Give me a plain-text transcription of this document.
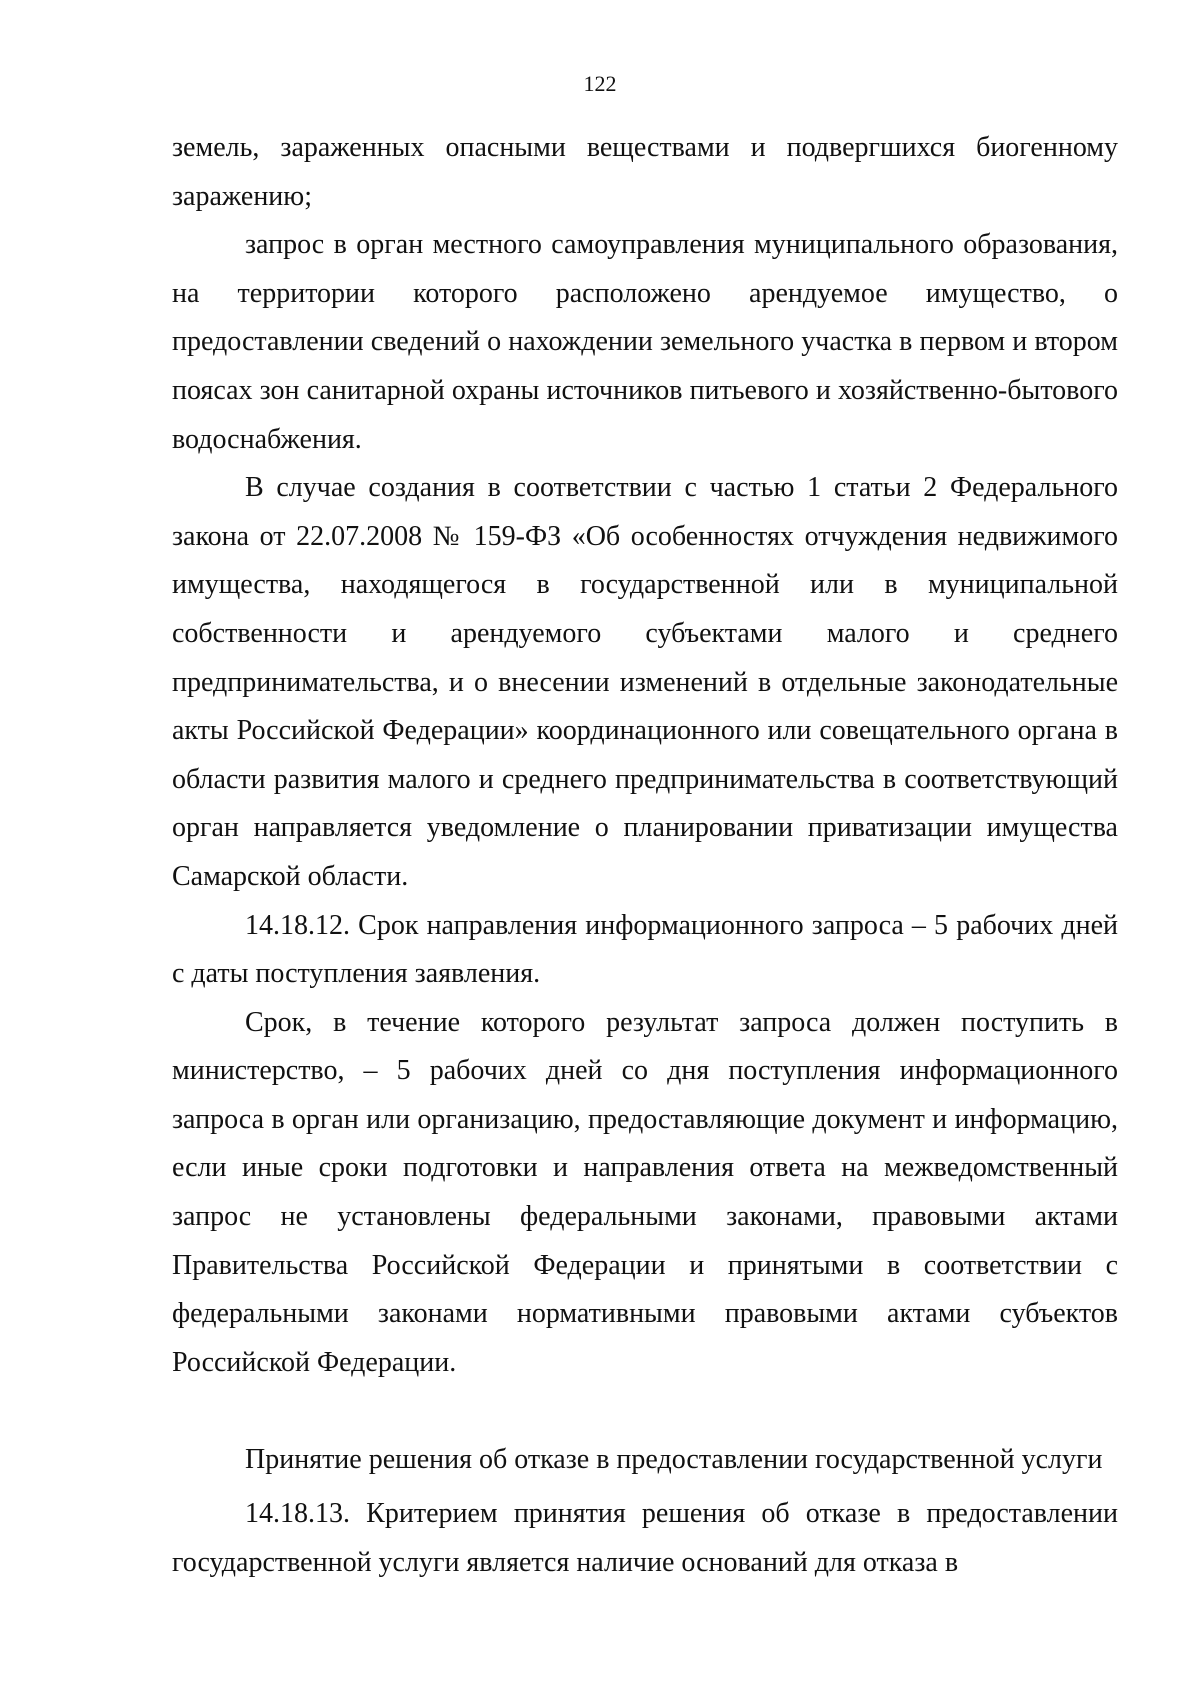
122

земель, зараженных опасными веществами и подвергшихся биогенному заражению;

запрос в орган местного самоуправления муниципального образования, на территории которого расположено арендуемое имущество, о предоставлении сведений о нахождении земельного участка в первом и втором поясах зон санитарной охраны источников питьевого и хозяйственно-бытового водоснабжения.

В случае создания в соответствии с частью 1 статьи 2 Федерального закона от 22.07.2008 № 159-ФЗ «Об особенностях отчуждения недвижимого имущества, находящегося в государственной или в муниципальной собственности и арендуемого субъектами малого и среднего предпринимательства, и о внесении изменений в отдельные законодательные акты Российской Федерации» координационного или совещательного органа в области развития малого и среднего предпринимательства в соответствующий орган направляется уведомление о планировании приватизации имущества Самарской области.

14.18.12. Срок направления информационного запроса – 5 рабочих дней с даты поступления заявления.

Срок, в течение которого результат запроса должен поступить в министерство, – 5 рабочих дней со дня поступления информационного запроса в орган или организацию, предоставляющие документ и информацию, если иные сроки подготовки и направления ответа на межведомственный запрос не установлены федеральными законами, правовыми актами Правительства Российской Федерации и принятыми в соответствии с федеральными законами нормативными правовыми актами субъектов Российской Федерации.

Принятие решения об отказе в предоставлении государственной услуги

14.18.13. Критерием принятия решения об отказе в предоставлении государственной услуги является наличие оснований для отказа в
